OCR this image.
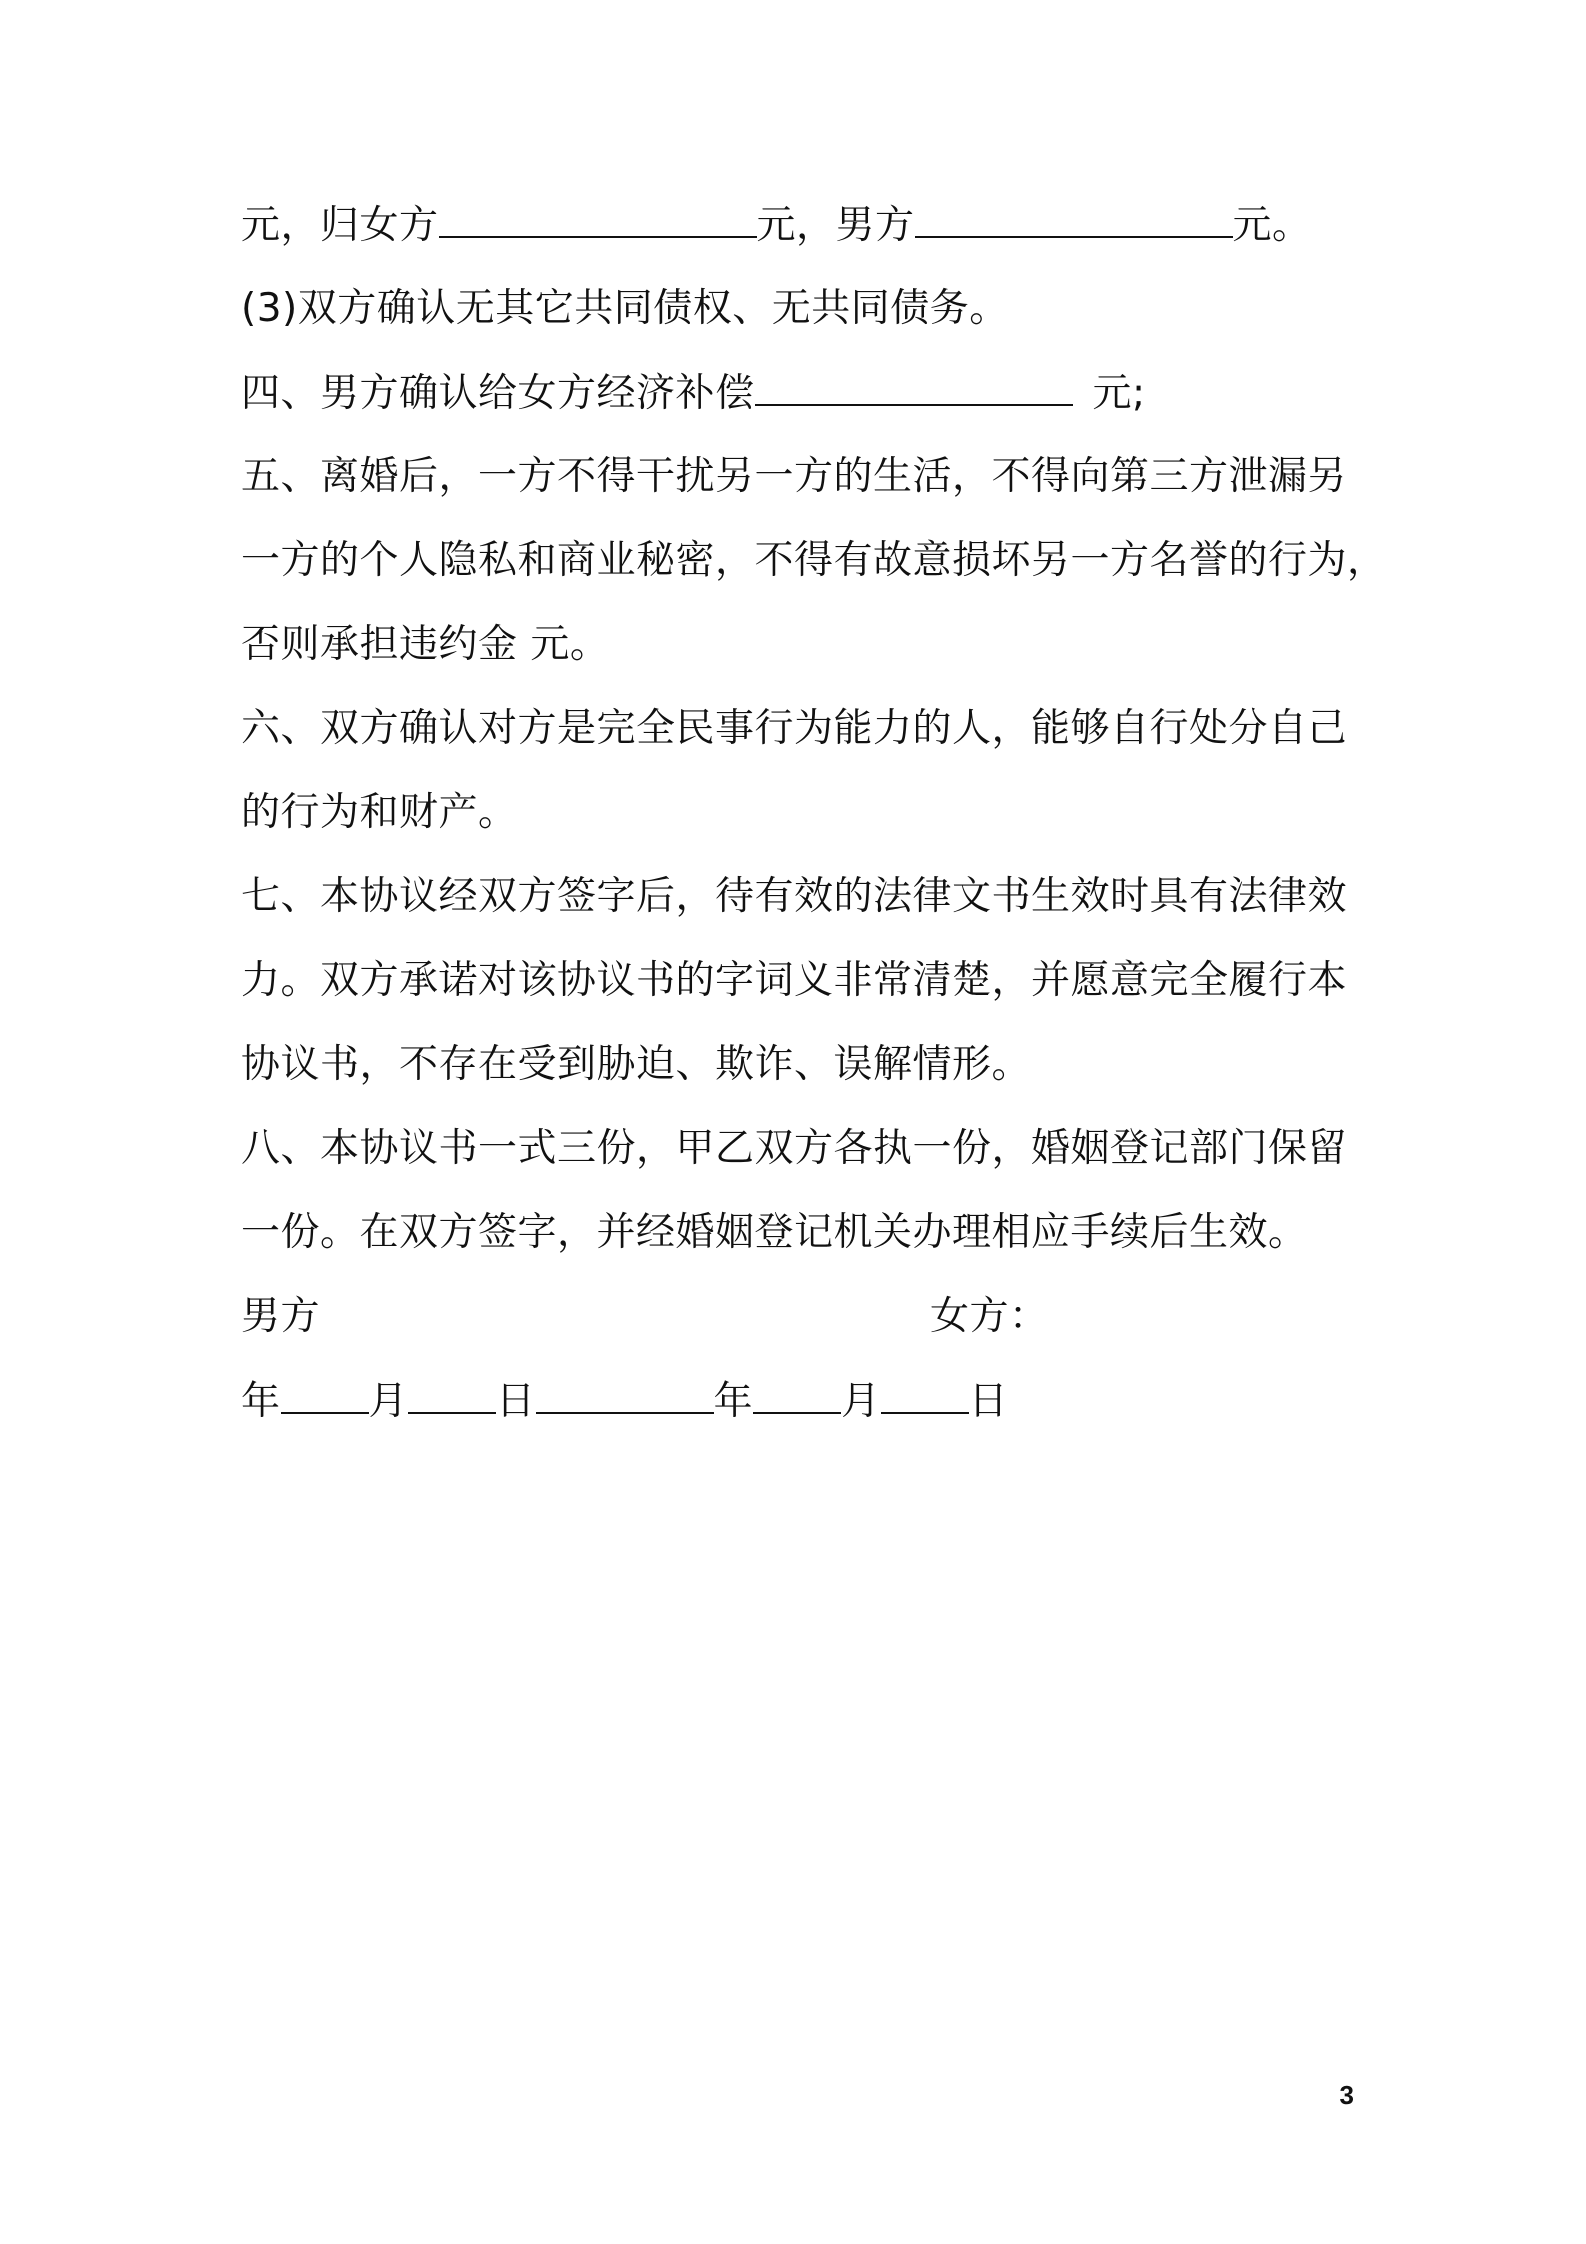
元，归女方	元，男方	元。
(3)双方确认无其它共同债权、无共同债务。
四、男方确认给女方经济补偿	元;
五、离婚后，一方不得干扰另一方的生活，不得向第三方泄漏另
一方的个人隐私和商业秘密，不得有故意损坏另一方名誉的行为，
否则承担违约金 元。
六、双方确认对方是完全民事行为能力的人，能够自行处分自己
的行为和财产。
七、本协议经双方签字后，待有效的法律文书生效时具有法律效
力。双方承诺对该协议书的字词义非常清楚，并愿意完全履行本
协议书，不存在受到胁迫、欺诈、误解情形。
八、本协议书一式三份，甲乙双方各执一份，婚姻登记部门保留
一份。在双方签字，并经婚姻登记机关办理相应手续后生效。
男方	女方：
年 月 日	年 月 日
3
